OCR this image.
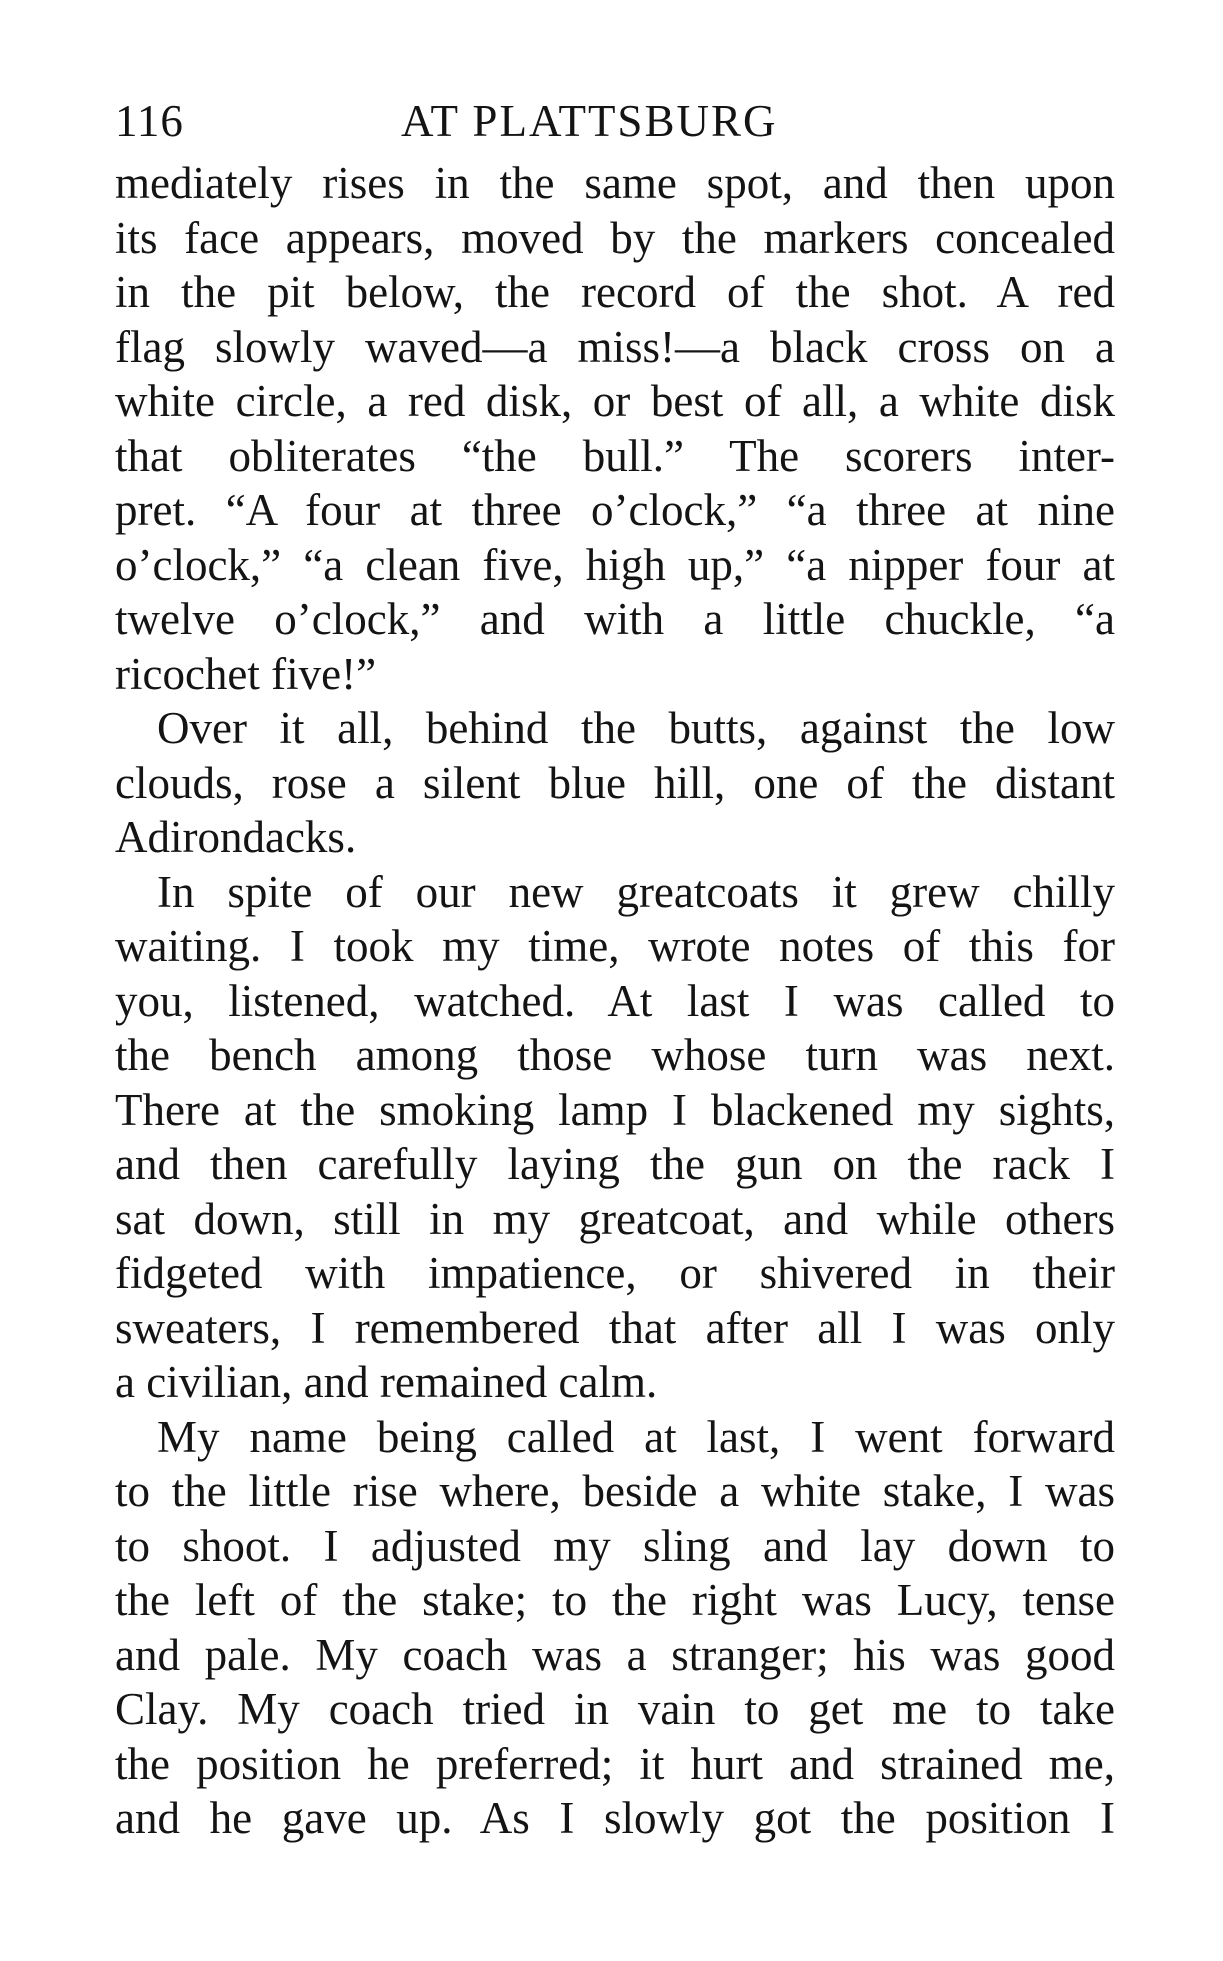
116	AT PLATTSBURG
mediately rises in the same spot, and then upon
its face appears, moved by the markers concealed
in the pit below, the record of the shot. A red
flag slowly waved—a miss!—a black cross on a
white circle, a red disk, or best of all, a white disk
that obliterates “the bull.” The scorers inter-
pret. “A four at three o’clock,” “a three at nine
o’clock,” “a clean five, high up,” “a nipper four at
twelve o’clock,” and with a little chuckle, “a
ricochet five!”
Over it all, behind the butts, against the low
clouds, rose a silent blue hill, one of the distant
Adirondacks.
In spite of our new greatcoats it grew chilly
waiting. I took my time, wrote notes of this for
you, listened, watched. At last I was called to
the bench among those whose turn was next.
There at the smoking lamp I blackened my sights,
and then carefully laying the gun on the rack I
sat down, still in my greatcoat, and while others
fidgeted with impatience, or shivered in their
sweaters, I remembered that after all I was only
a civilian, and remained calm.
My name being called at last, I went forward
to the little rise where, beside a white stake, I was
to shoot. I adjusted my sling and lay down to
the left of the stake; to the right was Lucy, tense
and pale. My coach was a stranger; his was good
Clay. My coach tried in vain to get me to take
the position he preferred; it hurt and strained me,
and he gave up. As I slowly got the position I
